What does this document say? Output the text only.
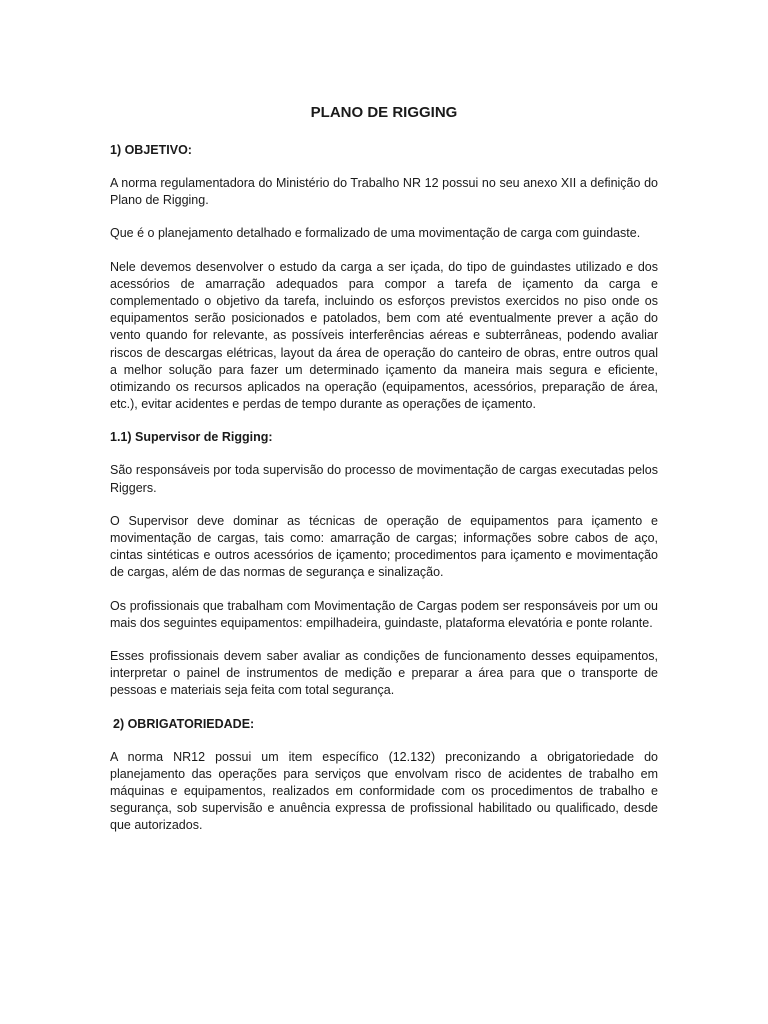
PLANO DE RIGGING
1) OBJETIVO:

A norma regulamentadora do Ministério do Trabalho NR 12 possui no seu anexo XII a definição do Plano de Rigging.

Que é o planejamento detalhado e formalizado de uma movimentação de carga com guindaste.

Nele devemos desenvolver o estudo da carga a ser içada, do tipo de guindastes utilizado e dos acessórios de amarração adequados para compor a tarefa de içamento da carga e complementado o objetivo da tarefa, incluindo os esforços previstos exercidos no piso onde os equipamentos serão posicionados e patolados, bem com até eventualmente prever a ação do vento quando for relevante, as possíveis interferências aéreas e subterrâneas, podendo avaliar riscos de descargas elétricas, layout da área de operação do canteiro de obras, entre outros qual a melhor solução para fazer um determinado içamento da maneira mais segura e eficiente, otimizando os recursos aplicados na operação (equipamentos, acessórios, preparação de área, etc.), evitar acidentes e perdas de tempo durante as operações de içamento.

1.1) Supervisor de Rigging:

São responsáveis por toda supervisão do processo de movimentação de cargas executadas pelos Riggers.

O Supervisor deve dominar as técnicas de operação de equipamentos para içamento e movimentação de cargas, tais como: amarração de cargas; informações sobre cabos de aço, cintas sintéticas e outros acessórios de içamento; procedimentos para içamento e movimentação de cargas, além de das normas de segurança e sinalização.

Os profissionais que trabalham com Movimentação de Cargas podem ser responsáveis por um ou mais dos seguintes equipamentos: empilhadeira, guindaste, plataforma elevatória e ponte rolante.

Esses profissionais devem saber avaliar as condições de funcionamento desses equipamentos, interpretar o painel de instrumentos de medição e preparar a área para que o transporte de pessoas e materiais seja feita com total segurança.

2) OBRIGATORIEDADE:

A norma NR12 possui um item específico (12.132) preconizando a obrigatoriedade do planejamento das operações para serviços que envolvam risco de acidentes de trabalho em máquinas e equipamentos, realizados em conformidade com os procedimentos de trabalho e segurança, sob supervisão e anuência expressa de profissional habilitado ou qualificado, desde que autorizados.
